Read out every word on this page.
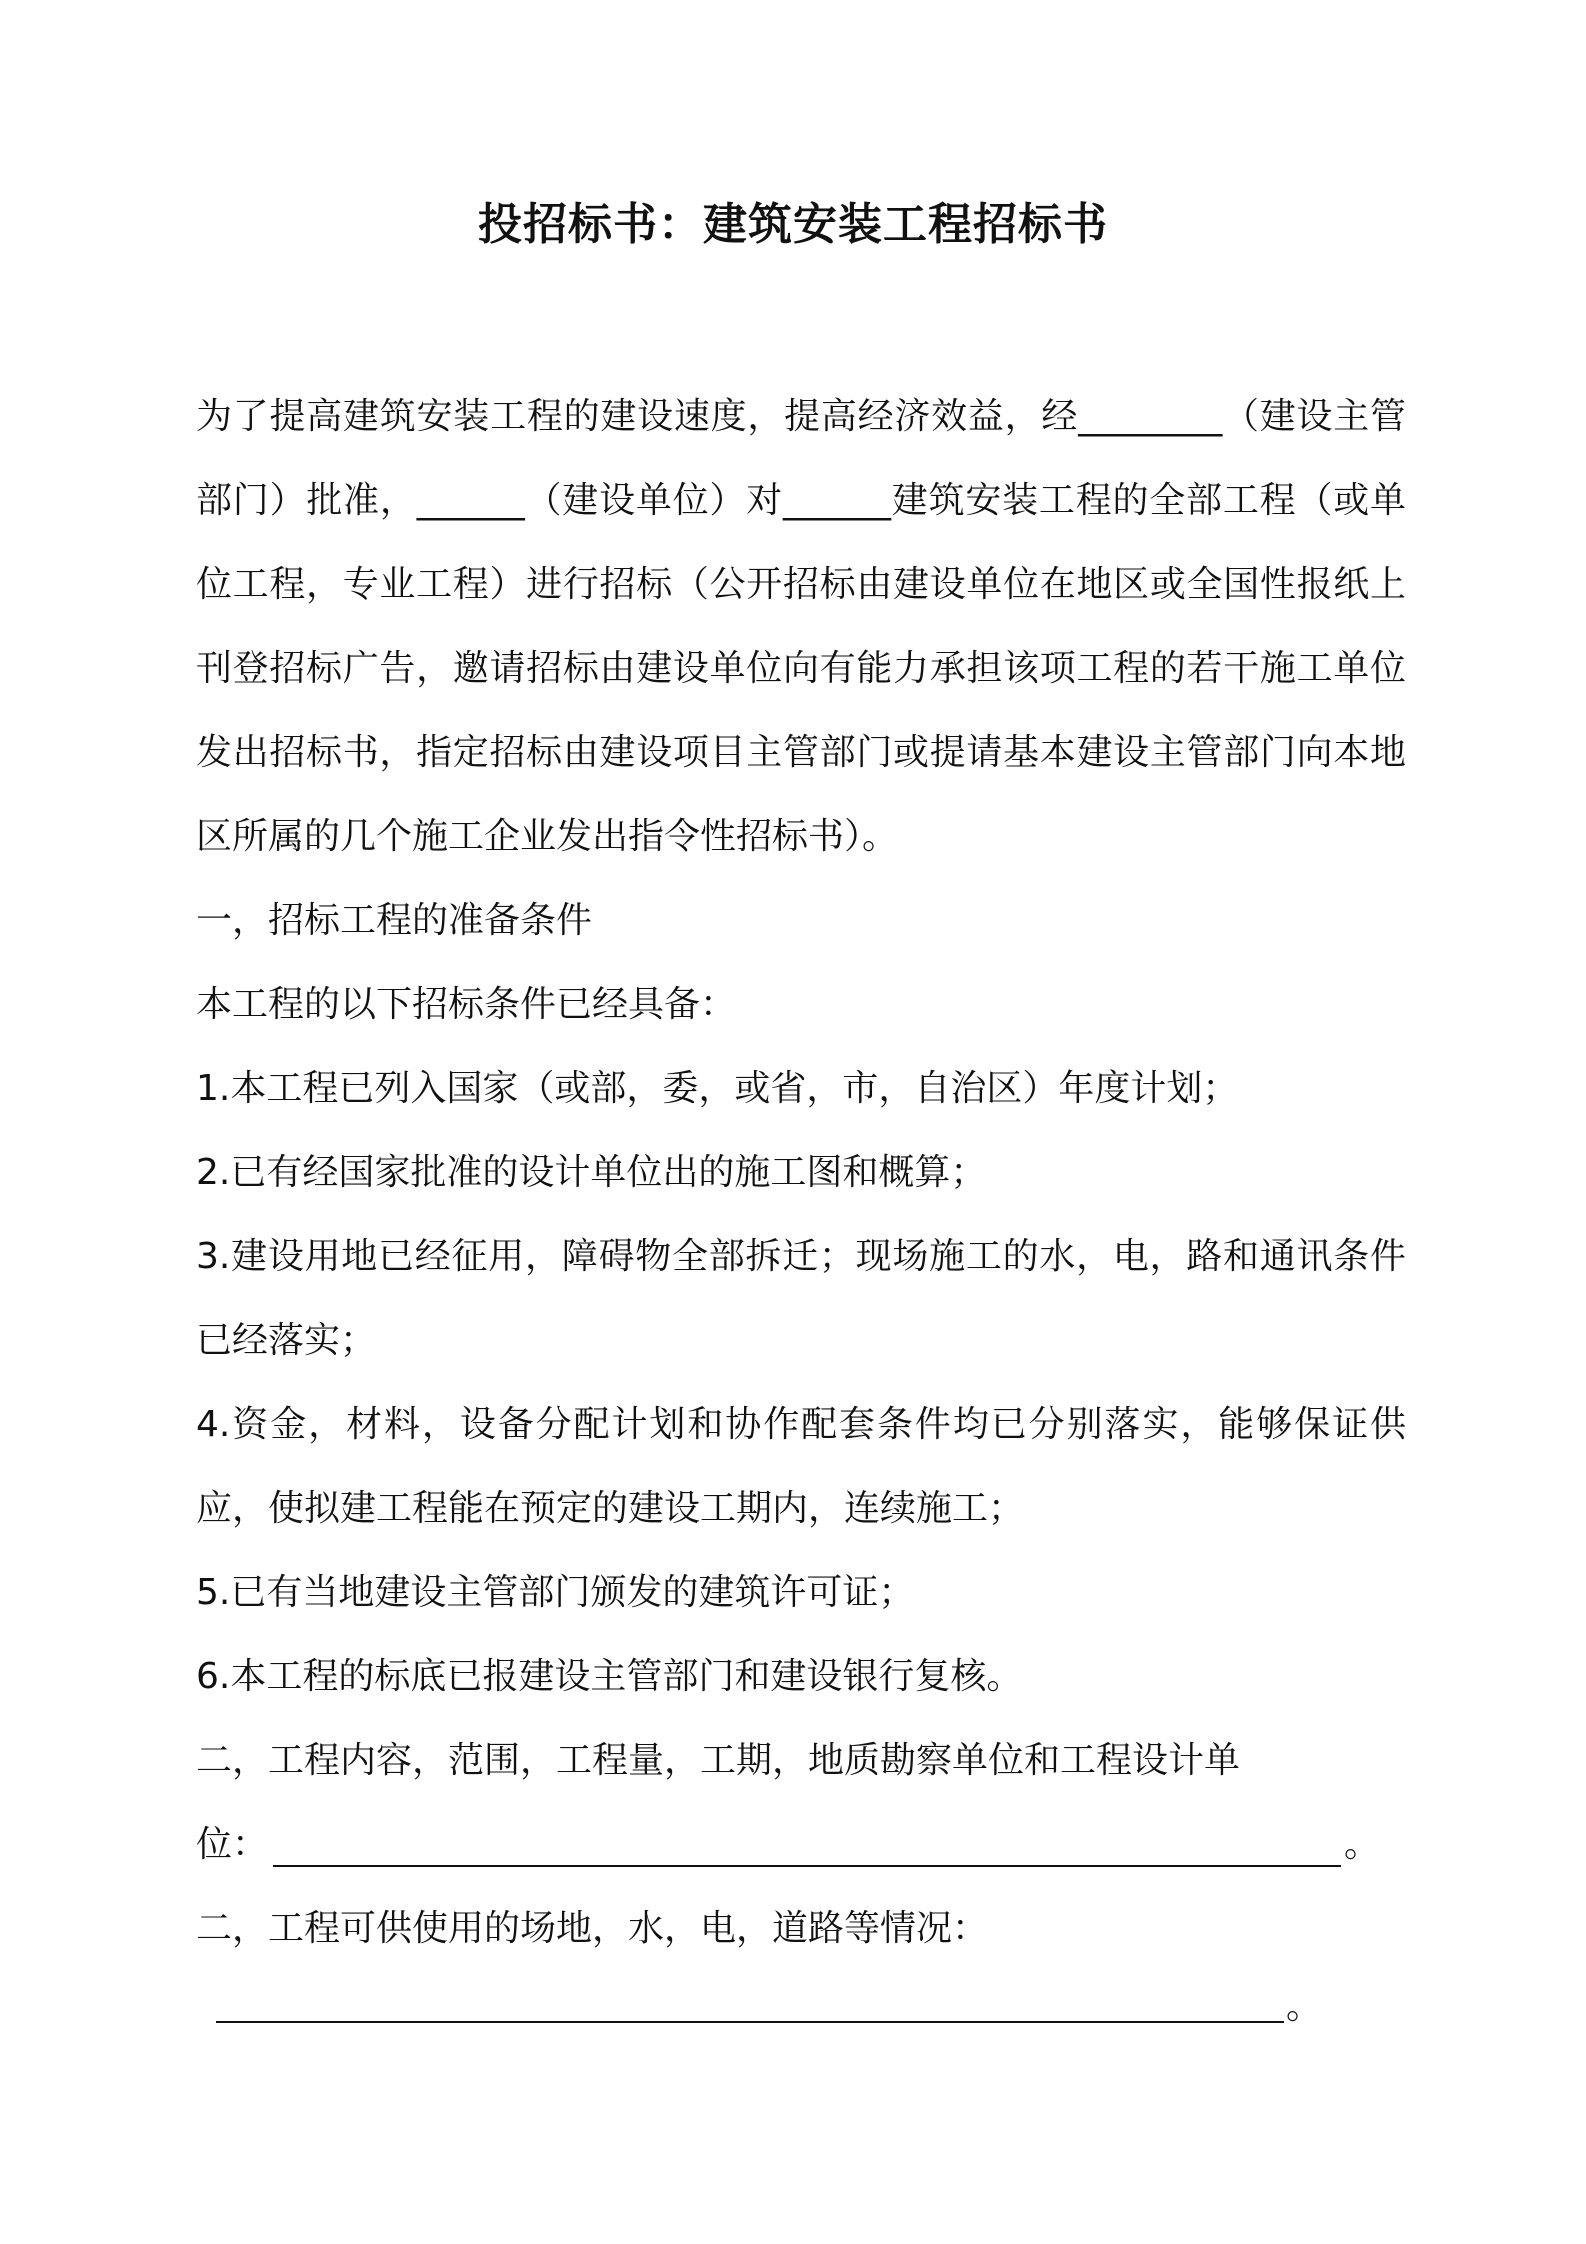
投招标书：建筑安装工程招标书

为了提高建筑安装工程的建设速度，提高经济效益，经________（建设主管部门）批准，______（建设单位）对______建筑安装工程的全部工程（或单位工程，专业工程）进行招标（公开招标由建设单位在地区或全国性报纸上刊登招标广告，邀请招标由建设单位向有能力承担该项工程的若干施工单位发出招标书，指定招标由建设项目主管部门或提请基本建设主管部门向本地区所属的几个施工企业发出指令性招标书）。

一，招标工程的准备条件

本工程的以下招标条件已经具备：

1.本工程已列入国家（或部，委，或省，市，自治区）年度计划；

2.已有经国家批准的设计单位出的施工图和概算；

3.建设用地已经征用，障碍物全部拆迁；现场施工的水，电，路和通讯条件已经落实；

4.资金，材料，设备分配计划和协作配套条件均已分别落实，能够保证供应，使拟建工程能在预定的建设工期内，连续施工；

5.已有当地建设主管部门颁发的建筑许可证；

6.本工程的标底已报建设主管部门和建设银行复核。

二，工程内容，范围，工程量，工期，地质勘察单位和工程设计单

位：	。

二，工程可供使用的场地，水，电，道路等情况：

。
